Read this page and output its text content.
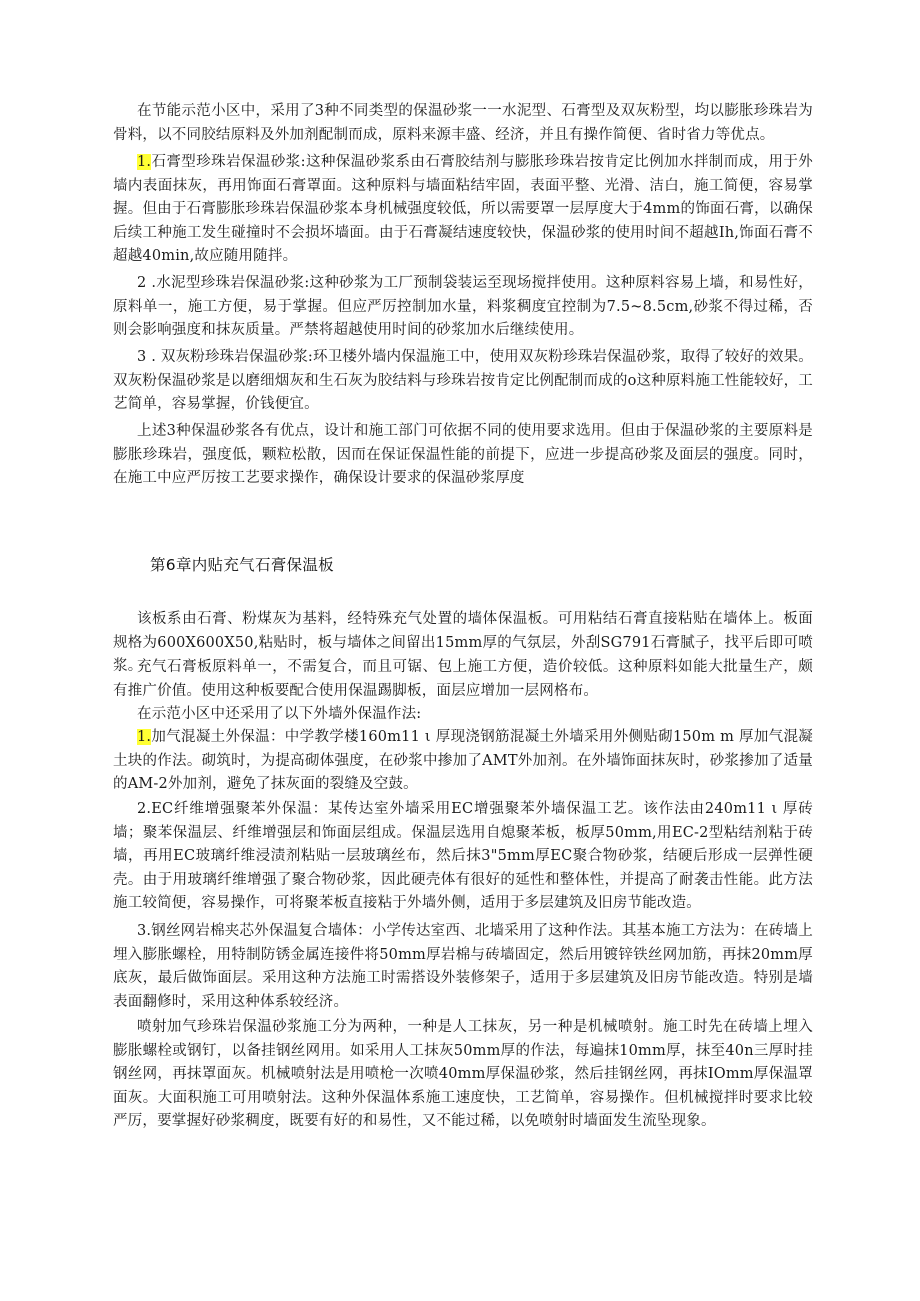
在节能示范小区中，采用了3种不同类型的保温砂浆一一水泥型、石膏型及双灰粉型，均以膨胀珍珠岩为骨料，以不同胶结原料及外加剂配制而成，原料来源丰盛、经济，并且有操作简便、省时省力等优点。

1.石膏型珍珠岩保温砂浆:这种保温砂浆系由石膏胶结剂与膨胀珍珠岩按肯定比例加水拌制而成，用于外墙内表面抹灰，再用饰面石膏罩面。这种原料与墙面粘结牢固，表面平整、光滑、洁白，施工简便，容易掌握。但由于石膏膨胀珍珠岩保温砂浆本身机械强度较低，所以需要罩一层厚度大于4mm的饰面石膏，以确保后续工种施工发生碰撞时不会损坏墙面。由于石膏凝结速度较快，保温砂浆的使用时间不超越Ih,饰面石膏不超越40min,故应随用随拌。

2 .水泥型珍珠岩保温砂浆:这种砂浆为工厂预制袋装运至现场搅拌使用。这种原料容易上墙，和易性好，原料单一，施工方便，易于掌握。但应严厉控制加水量，料浆稠度宜控制为7.5~8.5cm,砂浆不得过稀，否则会影响强度和抹灰质量。严禁将超越使用时间的砂浆加水后继续使用。

3 . 双灰粉珍珠岩保温砂浆:环卫楼外墙内保温施工中，使用双灰粉珍珠岩保温砂浆，取得了较好的效果。双灰粉保温砂浆是以磨细烟灰和生石灰为胶结料与珍珠岩按肯定比例配制而成的o这种原料施工性能较好，工艺简单，容易掌握，价钱便宜。

上述3种保温砂浆各有优点，设计和施工部门可依据不同的使用要求选用。但由于保温砂浆的主要原料是膨胀珍珠岩，强度低，颗粒松散，因而在保证保温性能的前提下，应进一步提高砂浆及面层的强度。同时，在施工中应严厉按工艺要求操作，确保设计要求的保温砂浆厚度

第6章内贴充气石膏保温板

该板系由石膏、粉煤灰为基料，经特殊充气处置的墙体保温板。可用粘结石膏直接粘贴在墙体上。板面规格为600X600X50,粘贴时，板与墙体之间留出15mm厚的气氛层，外刮SG791石膏腻子，找平后即可喷浆。

充气石膏板原料单一，不需复合，而且可锯、包上施工方便，造价较低。这种原料如能大批量生产，颇有推广价值。使用这种板要配合使用保温踢脚板，面层应增加一层网格布。

在示范小区中还采用了以下外墙外保温作法:

1.加气混凝土外保温：中学教学楼160m11 ι 厚现浇钢筋混凝土外墙采用外侧贴砌150m m 厚加气混凝土块的作法。砌筑时，为提高砌体强度，在砂浆中掺加了AMT外加剂。在外墙饰面抹灰时，砂浆掺加了适量的AM-2外加剂，避免了抹灰面的裂缝及空鼓。

2.EC纤维增强聚苯外保温：某传达室外墙采用EC增强聚苯外墙保温工艺。该作法由240m11 ι 厚砖墙；聚苯保温层、纤维增强层和饰面层组成。保温层选用自熄聚苯板，板厚50mm,用EC-2型粘结剂粘于砖墙，再用EC玻璃纤维浸渍剂粘贴一层玻璃丝布，然后抹3"5mm厚EC聚合物砂浆，结硬后形成一层弹性硬壳。由于用玻璃纤维增强了聚合物砂浆，因此硬壳体有很好的延性和整体性，并提高了耐袭击性能。此方法施工较简便，容易操作，可将聚苯板直接粘于外墙外侧，适用于多层建筑及旧房节能改造。

3.钢丝网岩棉夹芯外保温复合墙体：小学传达室西、北墙采用了这种作法。其基本施工方法为：在砖墙上埋入膨胀螺栓，用特制防锈金属连接件将50mm厚岩棉与砖墙固定，然后用镀锌铁丝网加筋，再抹20mm厚底灰，最后做饰面层。采用这种方法施工时需搭设外装修架子，适用于多层建筑及旧房节能改造。特别是墙表面翻修时，采用这种体系较经济。

喷射加气珍珠岩保温砂浆施工分为两种，一种是人工抹灰，另一种是机械喷射。施工时先在砖墙上埋入膨胀螺栓或钢钉，以备挂钢丝网用。如采用人工抹灰50mm厚的作法，每遍抹10mm厚，抹至40n三厚时挂钢丝网，再抹罩面灰。机械喷射法是用喷枪一次喷40mm厚保温砂浆，然后挂钢丝网，再抹IOmm厚保温罩面灰。大面积施工可用喷射法。这种外保温体系施工速度快，工艺简单，容易操作。但机械搅拌时要求比较严厉，要掌握好砂浆稠度，既要有好的和易性，又不能过稀，以免喷射时墙面发生流坠现象。
